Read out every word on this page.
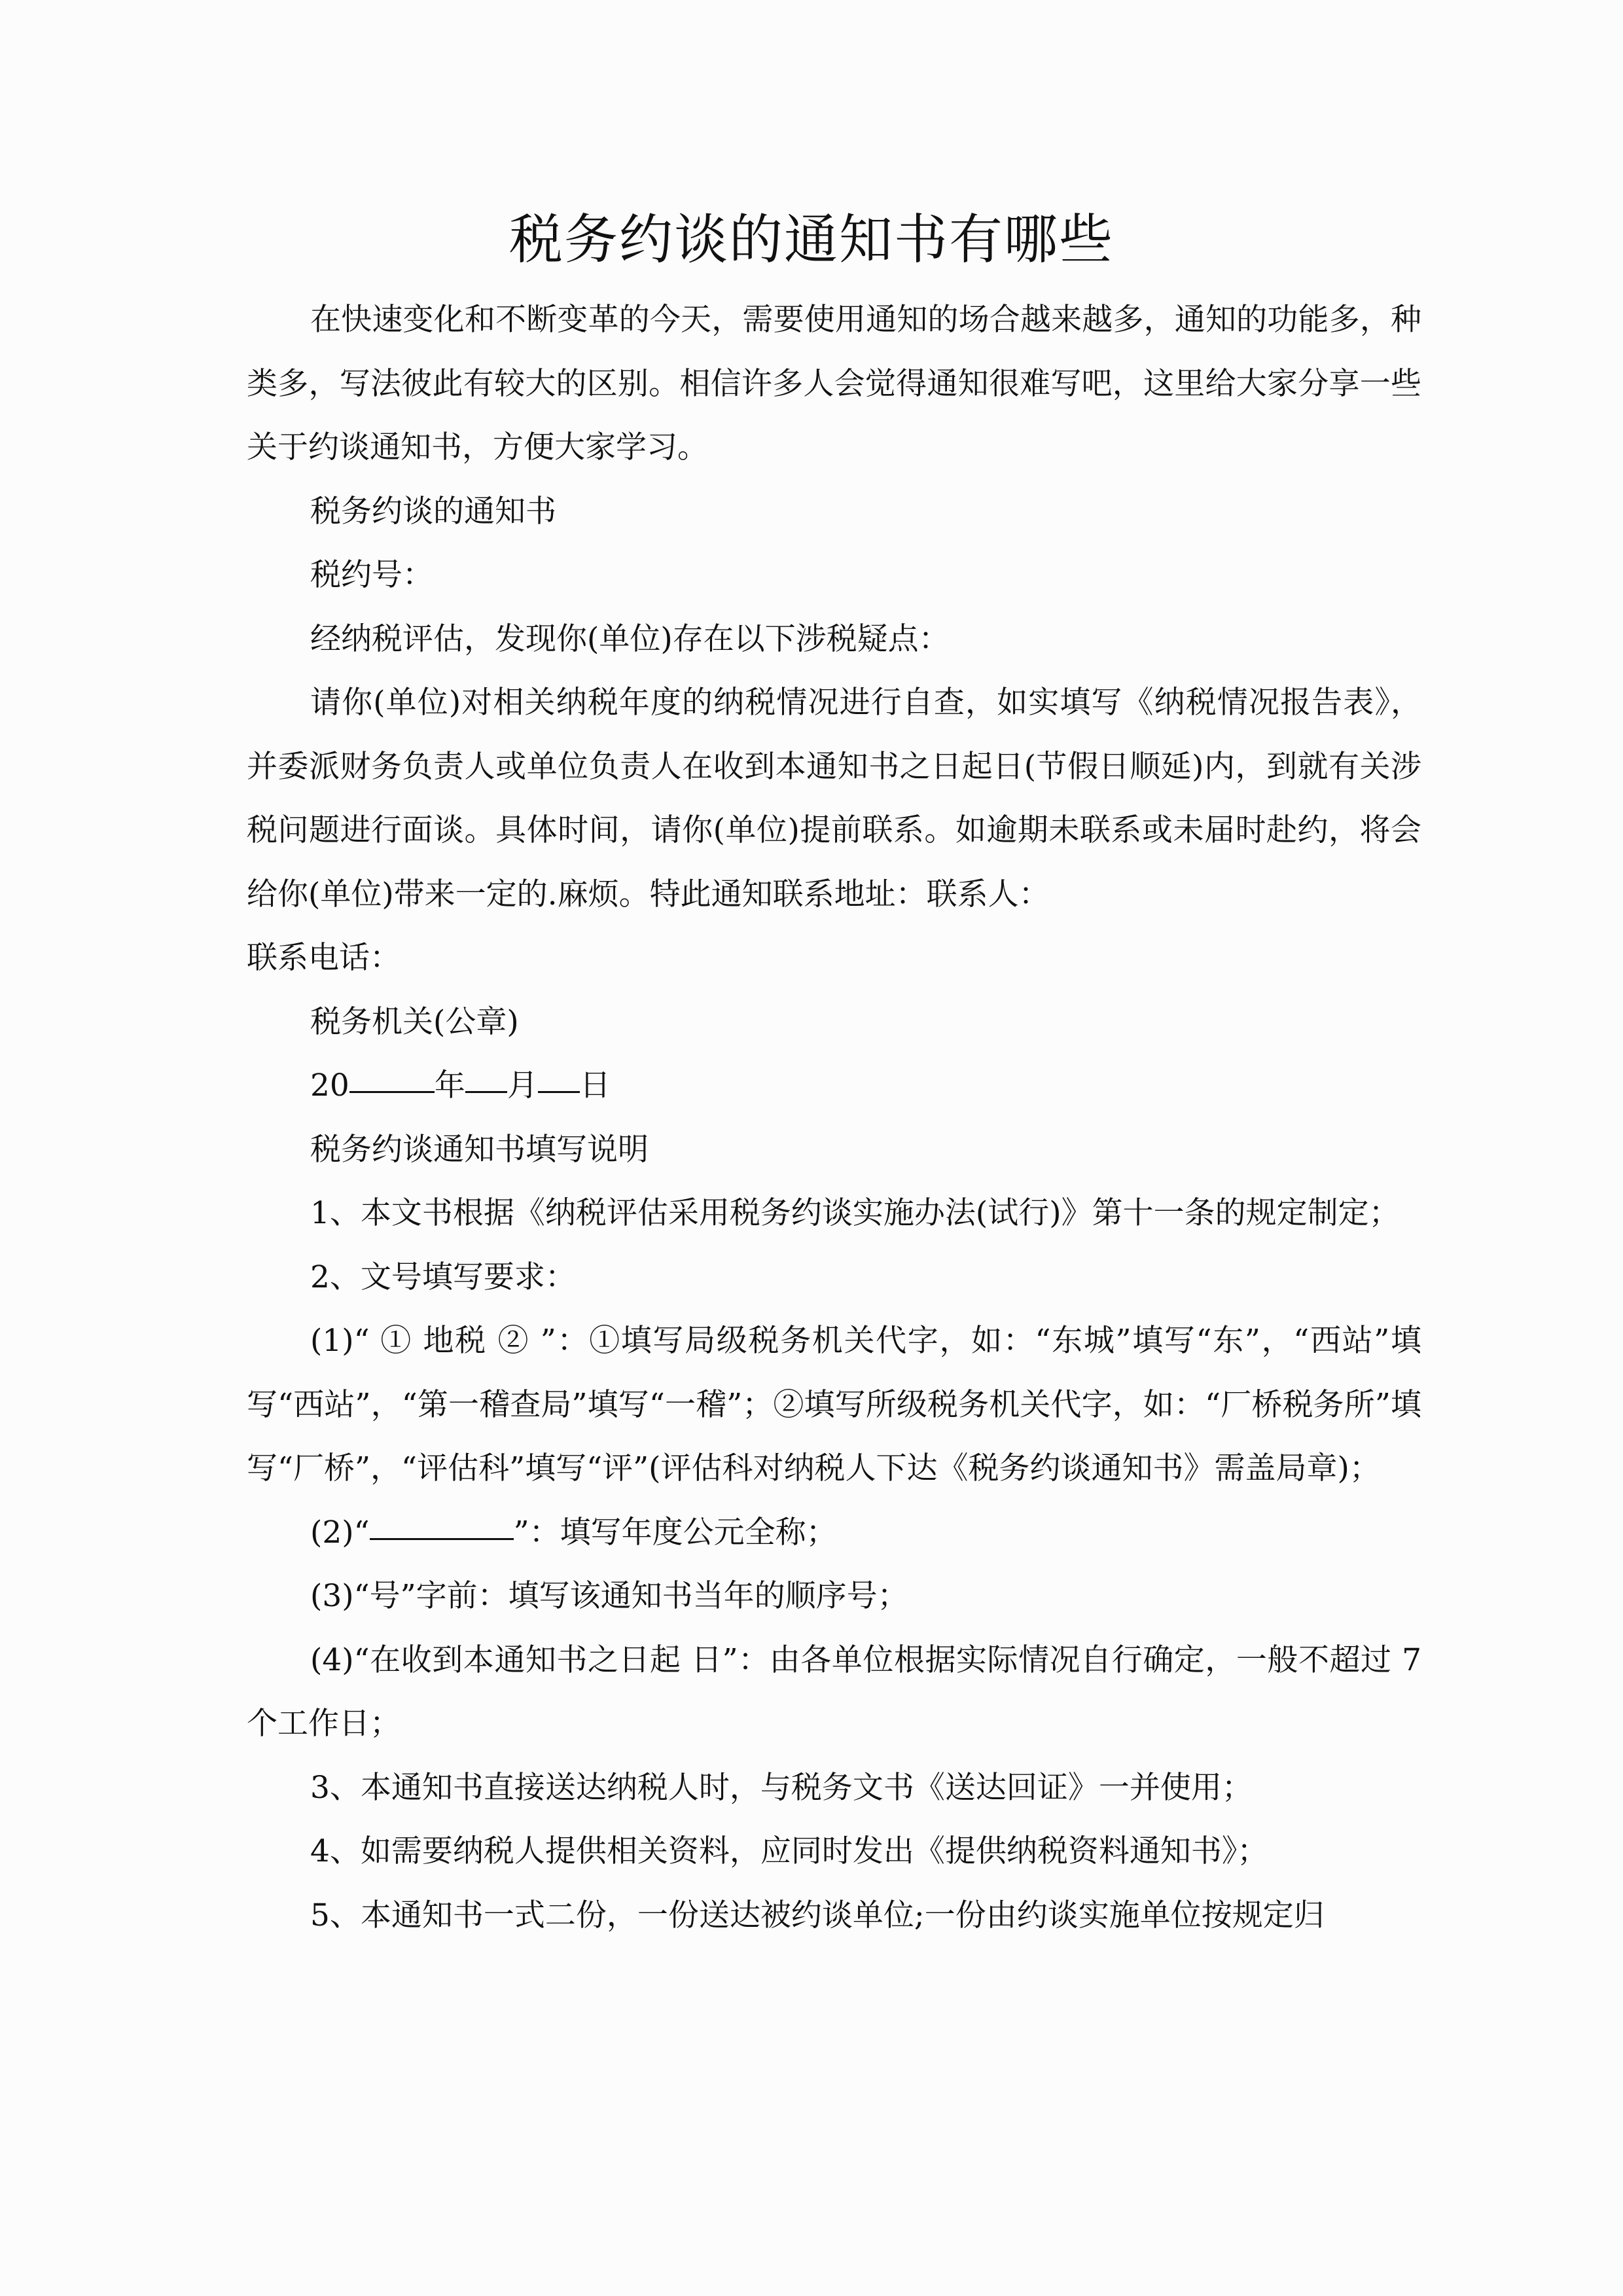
税务约谈的通知书有哪些

在快速变化和不断变革的今天，需要使用通知的场合越来越多，通知的功能多，种类多，写法彼此有较大的区别。相信许多人会觉得通知很难写吧，这里给大家分享一些关于约谈通知书，方便大家学习。

税务约谈的通知书

税约号：

经纳税评估，发现你(单位)存在以下涉税疑点：

请你(单位)对相关纳税年度的纳税情况进行自查，如实填写《纳税情况报告表》，并委派财务负责人或单位负责人在收到本通知书之日起日(节假日顺延)内，到就有关涉税问题进行面谈。具体时间，请你(单位)提前联系。如逾期未联系或未届时赴约，将会给你(单位)带来一定的.麻烦。特此通知联系地址：联系人：

联系电话：

税务机关(公章)

20	年 月 日

税务约谈通知书填写说明

1、本文书根据《纳税评估采用税务约谈实施办法(试行)》第十一条的规定制定；

2、文号填写要求：

(1)“ ① 地税 ② ”：①填写局级税务机关代字，如：“东城”填写“东”，“西站”填写“西站”，“第一稽查局”填写“一稽”；②填写所级税务机关代字，如：“厂桥税务所”填写“厂桥”，“评估科”填写“评”(评估科对纳税人下达《税务约谈通知书》需盖局章)；

(2)“	”：填写年度公元全称；

(3)“号”字前：填写该通知书当年的顺序号；

(4)“在收到本通知书之日起 日”：由各单位根据实际情况自行确定，一般不超过 7 个工作日；

3、本通知书直接送达纳税人时，与税务文书《送达回证》一并使用；

4、如需要纳税人提供相关资料，应同时发出《提供纳税资料通知书》；

5、本通知书一式二份，一份送达被约谈单位;一份由约谈实施单位按规定归
